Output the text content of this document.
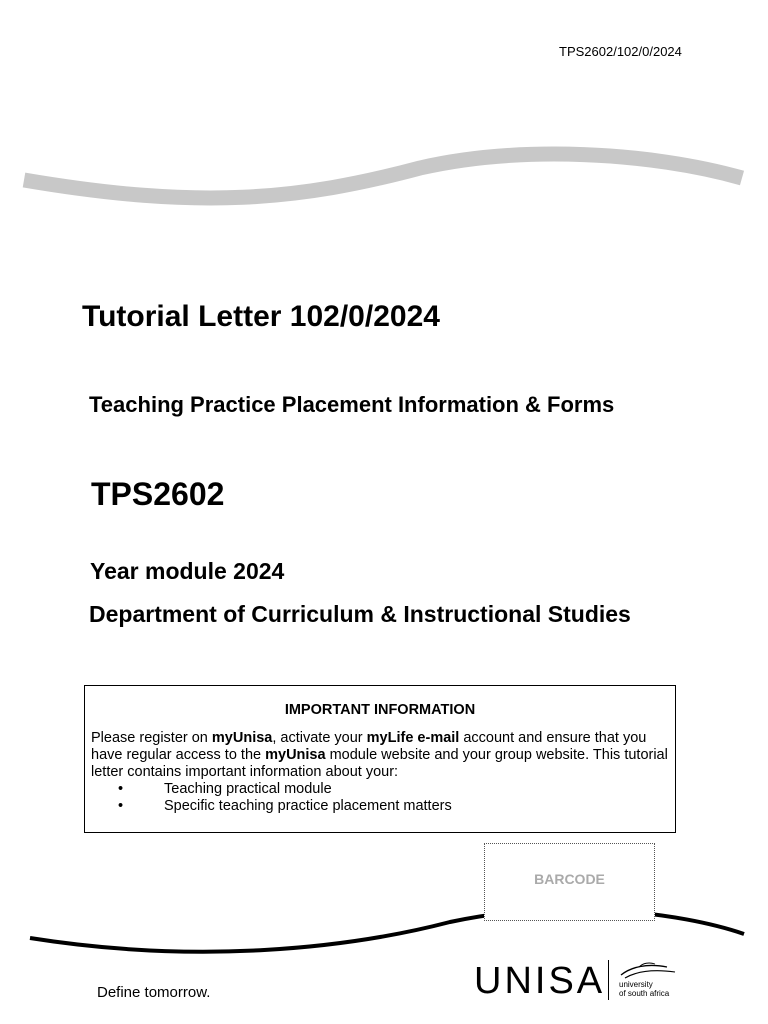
TPS2602/102/0/2024
Tutorial Letter 102/0/2024
Teaching Practice Placement Information & Forms
TPS2602
Year module 2024
Department of Curriculum & Instructional Studies
IMPORTANT INFORMATION
Please register on myUnisa, activate your myLife e-mail account and ensure that you have regular access to the myUnisa module website and your group website. This tutorial letter contains important information about your:
• Teaching practical module
• Specific teaching practice placement matters
BARCODE
Define tomorrow.	UNISA university
of south africa
